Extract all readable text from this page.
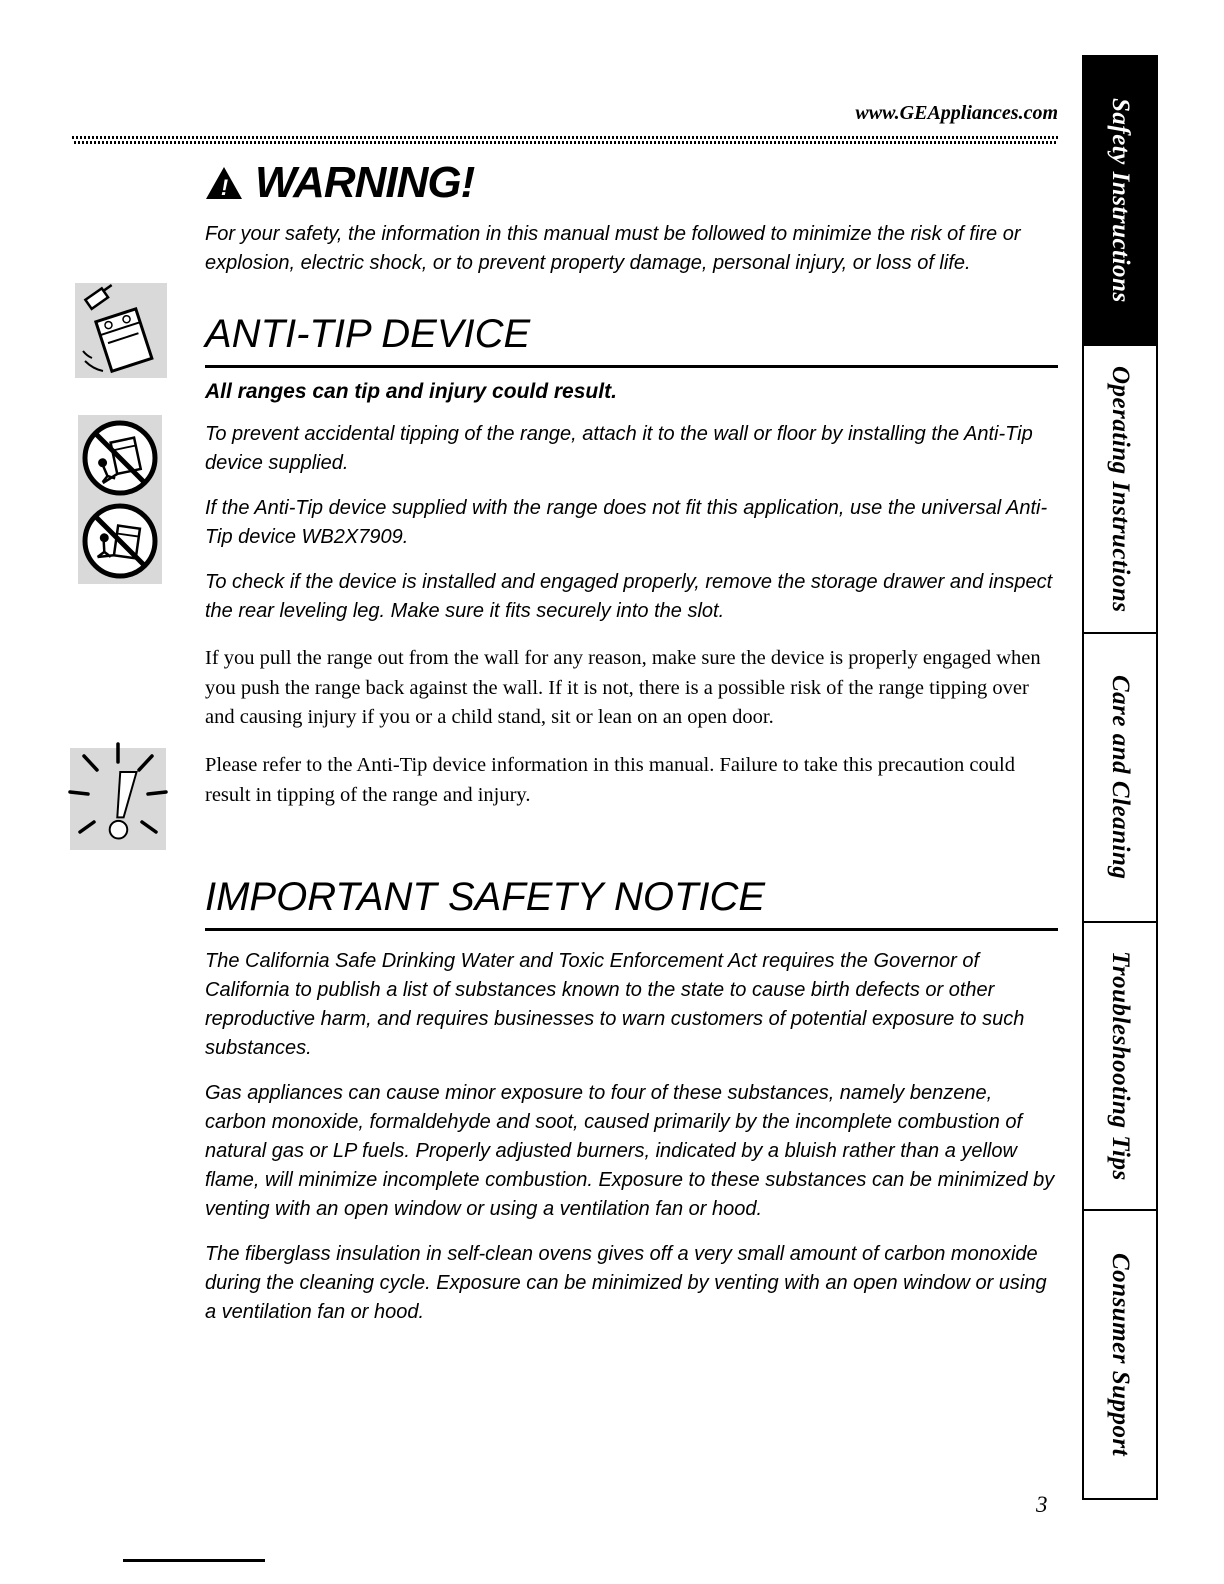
www.GEAppliances.com
!
! WARNING!
For your safety, the information in this manual must be followed to minimize the risk of fire or explosion, electric shock, or to prevent property damage, personal injury, or loss of life.
ANTI-TIP DEVICE
All ranges can tip and injury could result.

To prevent accidental tipping of the range, attach it to the wall or floor by installing the Anti-Tip device supplied.

If the Anti-Tip device supplied with the range does not fit this application, use the universal Anti-Tip device WB2X7909.

To check if the device is installed and engaged properly, remove the storage drawer and inspect the rear leveling leg. Make sure it fits securely into the slot.

If you pull the range out from the wall for any reason, make sure the device is properly engaged when you push the range back against the wall. If it is not, there is a possible risk of the range tipping over and causing injury if you or a child stand, sit or lean on an open door.

Please refer to the Anti-Tip device information in this manual. Failure to take this precaution could result in tipping of the range and injury.

IMPORTANT SAFETY NOTICE

The California Safe Drinking Water and Toxic Enforcement Act requires the Governor of California to publish a list of substances known to the state to cause birth defects or other reproductive harm, and requires businesses to warn customers of potential exposure to such substances.

Gas appliances can cause minor exposure to four of these substances, namely benzene, carbon monoxide, formaldehyde and soot, caused primarily by the incomplete combustion of natural gas or LP fuels. Properly adjusted burners, indicated by a bluish rather than a yellow flame, will minimize incomplete combustion. Exposure to these substances can be minimized by venting with an open window or using a ventilation fan or hood.

The fiberglass insulation in self-clean ovens gives off a very small amount of carbon monoxide during the cleaning cycle. Exposure can be minimized by venting with an open window or using a ventilation fan or hood.

Safety Instructions
Operating Instructions
Care and Cleaning
Troubleshooting Tips
Consumer Support
3
